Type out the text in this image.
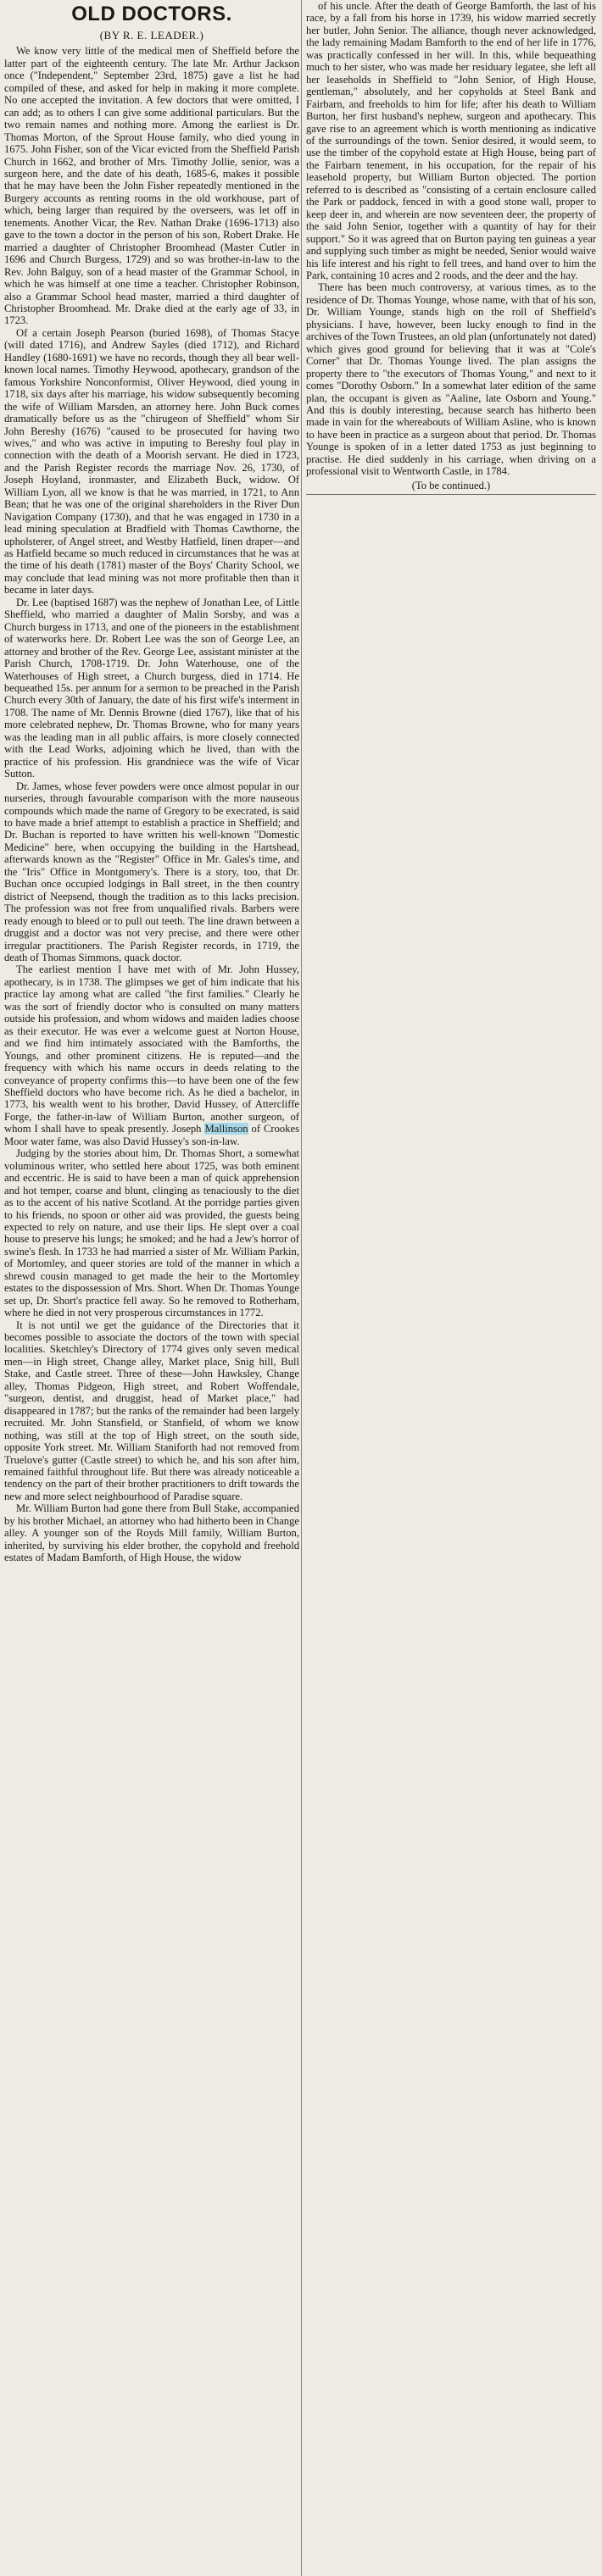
OLD DOCTORS.
(BY R. E. LEADER.)

We know very little of the medical men of Sheffield before the latter part of the eighteenth century. The late Mr. Arthur Jackson once ("Independent," September 23rd, 1875) gave a list he had compiled of these, and asked for help in making it more complete. No one accepted the invitation. A few doctors that were omitted, I can add; as to others I can give some additional particulars. But the two remain names and nothing more. Among the earliest is Dr. Thomas Morton, of the Sprout House family, who died young in 1675. John Fisher, son of the Vicar evicted from the Sheffield Parish Church in 1662, and brother of Mrs. Timothy Jollie, senior, was a surgeon here, and the date of his death, 1685-6, makes it possible that he may have been the John Fisher repeatedly mentioned in the Burgery accounts as renting rooms in the old workhouse, part of which, being larger than required by the overseers, was let off in tenements. Another Vicar, the Rev. Nathan Drake (1696-1713) also gave to the town a doctor in the person of his son, Robert Drake. He married a daughter of Christopher Broomhead (Master Cutler in 1696 and Church Burgess, 1729) and so was brother-in-law to the Rev. John Balguy, son of a head master of the Grammar School, in which he was himself at one time a teacher. Christopher Robinson, also a Grammar School head master, married a third daughter of Christopher Broomhead. Mr. Drake died at the early age of 33, in 1723.

Of a certain Joseph Pearson (buried 1698), of Thomas Stacye (will dated 1716), and Andrew Sayles (died 1712), and Richard Handley (1680-1691) we have no records, though they all bear well-known local names. Timothy Heywood, apothecary, grandson of the famous Yorkshire Nonconformist, Oliver Heywood, died young in 1718, six days after his marriage, his widow subsequently becoming the wife of William Marsden, an attorney here. John Buck comes dramatically before us as the "chirugeon of Sheffield" whom Sir John Bereshy (1676) "caused to be prosecuted for having two wives," and who was active in imputing to Bereshy foul play in connection with the death of a Moorish servant. He died in 1723, and the Parish Register records the marriage Nov. 26, 1730, of Joseph Hoyland, ironmaster, and Elizabeth Buck, widow. Of William Lyon, all we know is that he was married, in 1721, to Ann Bean; that he was one of the original shareholders in the River Dun Navigation Company (1730), and that he was engaged in 1730 in a lead mining speculation at Bradfield with Thomas Cawthorne, the upholsterer, of Angel street, and Westby Hatfield, linen draper—and as Hatfield became so much reduced in circumstances that he was at the time of his death (1781) master of the Boys' Charity School, we may conclude that lead mining was not more profitable then than it became in later days.

Dr. Lee (baptised 1687) was the nephew of Jonathan Lee, of Little Sheffield, who married a daughter of Malin Sorsby, and was a Church burgess in 1713, and one of the pioneers in the establishment of waterworks here. Dr. Robert Lee was the son of George Lee, an attorney and brother of the Rev. George Lee, assistant minister at the Parish Church, 1708-1719. Dr. John Waterhouse, one of the Waterhouses of High street, a Church burgess, died in 1714. He bequeathed 15s. per annum for a sermon to be preached in the Parish Church every 30th of January, the date of his first wife's interment in 1708. The name of Mr. Dennis Browne (died 1767), like that of his more celebrated nephew, Dr. Thomas Browne, who for many years was the leading man in all public affairs, is more closely connected with the Lead Works, adjoining which he lived, than with the practice of his profession. His grandniece was the wife of Vicar Sutton.

Dr. James, whose fever powders were once almost popular in our nurseries, through favourable comparison with the more nauseous compounds which made the name of Gregory to be execrated, is said to have made a brief attempt to establish a practice in Sheffield; and Dr. Buchan is reported to have written his well-known "Domestic Medicine" here, when occupying the building in the Hartshead, afterwards known as the "Register" Office in Mr. Gales's time, and the "Iris" Office in Montgomery's. There is a story, too, that Dr. Buchan once occupied lodgings in Ball street, in the then country district of Neepsend, though the tradition as to this lacks precision. The profession was not free from unqualified rivals. Barbers were ready enough to bleed or to pull out teeth. The line drawn between a druggist and a doctor was not very precise, and there were other irregular practitioners. The Parish Register records, in 1719, the death of Thomas Simmons, quack doctor.

The earliest mention I have met with of Mr. John Hussey, apothecary, is in 1738. The glimpses we get of him indicate that his practice lay among what are called "the first families." Clearly he was the sort of friendly doctor who is consulted on many matters outside his profession, and whom widows and maiden ladies choose as their executor. He was ever a welcome guest at Norton House, and we find him intimately associated with the Bamforths, the Youngs, and other prominent citizens. He is reputed—and the frequency with which his name occurs in deeds relating to the conveyance of property confirms this—to have been one of the few Sheffield doctors who have become rich. As he died a bachelor, in 1773, his wealth went to his brother, David Hussey, of Attercliffe Forge, the father-in-law of William Burton, another surgeon, of whom I shall have to speak presently. Joseph Mallinson of Crookes Moor water fame, was also David Hussey's son-in-law.

Judging by the stories about him, Dr. Thomas Short, a somewhat voluminous writer, who settled here about 1725, was both eminent and eccentric. He is said to have been a man of quick apprehension and hot temper, coarse and blunt, clinging as tenaciously to the diet as to the accent of his native Scotland. At the porridge parties given to his friends, no spoon or other aid was provided, the guests being expected to rely on nature, and use their lips. He slept over a coal house to preserve his lungs; he smoked; and he had a Jew's horror of swine's flesh. In 1733 he had married a sister of Mr. William Parkin, of Mortomley, and queer stories are told of the manner in which a shrewd cousin managed to get made the heir to the Mortomley estates to the dispossession of Mrs. Short. When Dr. Thomas Younge set up, Dr. Short's practice fell away. So he removed to Rotherham, where he died in not very prosperous circumstances in 1772.

It is not until we get the guidance of the Directories that it becomes possible to associate the doctors of the town with special localities. Sketchley's Directory of 1774 gives only seven medical men—in High street, Change alley, Market place, Snig hill, Bull Stake, and Castle street. Three of these—John Hawksley, Change alley, Thomas Pidgeon, High street, and Robert Woffendale, "surgeon, dentist, and druggist, head of Market place," had disappeared in 1787; but the ranks of the remainder had been largely recruited. Mr. John Stansfield, or Stanfield, of whom we know nothing, was still at the top of High street, on the south side, opposite York street. Mr. William Staniforth had not removed from Truelove's gutter (Castle street) to which he, and his son after him, remained faithful throughout life. But there was already noticeable a tendency on the part of their brother practitioners to drift towards the new and more select neighbourhood of Paradise square.

Mr. William Burton had gone there from Bull Stake, accompanied by his brother Michael, an attorney who had hitherto been in Change alley. A younger son of the Royds Mill family, William Burton, inherited, by surviving his elder brother, the copyhold and freehold estates of Madam Bamforth, of High House, the widow

of his uncle. After the death of George Bamforth, the last of his race, by a fall from his horse in 1739, his widow married secretly her butler, John Senior. The alliance, though never acknowledged, the lady remaining Madam Bamforth to the end of her life in 1776, was practically confessed in her will. In this, while bequeathing much to her sister, who was made her residuary legatee, she left all her leaseholds in Sheffield to "John Senior, of High House, gentleman," absolutely, and her copyholds at Steel Bank and Fairbarn, and freeholds to him for life; after his death to William Burton, her first husband's nephew, surgeon and apothecary. This gave rise to an agreement which is worth mentioning as indicative of the surroundings of the town. Senior desired, it would seem, to use the timber of the copyhold estate at High House, being part of the Fairbarn tenement, in his occupation, for the repair of his leasehold property, but William Burton objected. The portion referred to is described as "consisting of a certain enclosure called the Park or paddock, fenced in with a good stone wall, proper to keep deer in, and wherein are now seventeen deer, the property of the said John Senior, together with a quantity of hay for their support." So it was agreed that on Burton paying ten guineas a year and supplying such timber as might be needed, Senior would waive his life interest and his right to fell trees, and hand over to him the Park, containing 10 acres and 2 roods, and the deer and the hay.

There has been much controversy, at various times, as to the residence of Dr. Thomas Younge, whose name, with that of his son, Dr. William Younge, stands high on the roll of Sheffield's physicians. I have, however, been lucky enough to find in the archives of the Town Trustees, an old plan (unfortunately not dated) which gives good ground for believing that it was at "Cole's Corner" that Dr. Thomas Younge lived. The plan assigns the property there to "the executors of Thomas Young," and next to it comes "Dorothy Osborn." In a somewhat later edition of the same plan, the occupant is given as "Aaline, late Osborn and Young." And this is doubly interesting, because search has hitherto been made in vain for the whereabouts of William Asline, who is known to have been in practice as a surgeon about that period. Dr. Thomas Younge is spoken of in a letter dated 1753 as just beginning to practise. He died suddenly in his carriage, when driving on a professional visit to Wentworth Castle, in 1784.

(To be continued.)
